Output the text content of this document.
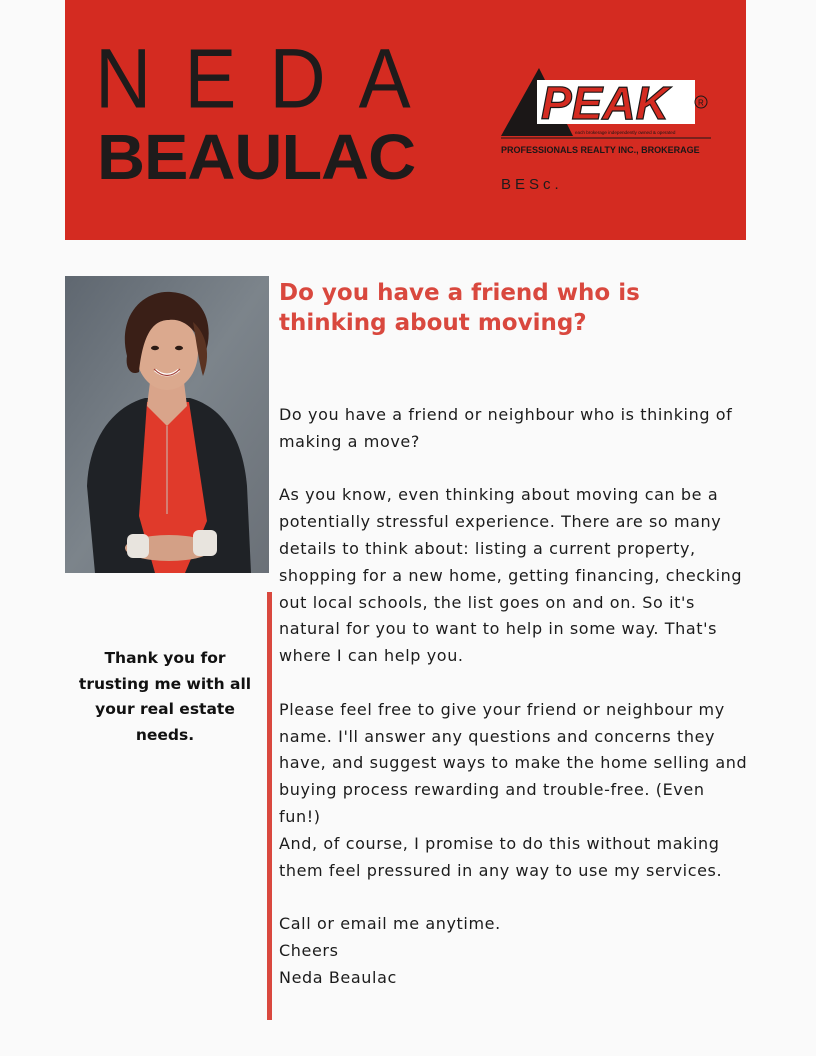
NEDA
BEAULAC
PEAK	R
each brokerage independently owned & operated
PROFESSIONALS REALTY INC., BROKERAGE
BESc.
Do you have a friend who is thinking about moving?

Do you have a friend or neighbour who is thinking of making a move?

As you know, even thinking about moving can be a potentially stressful experience. There are so many details to think about: listing a current property, shopping for a new home, getting financing, checking out local schools, the list goes on and on. So it's natural for you to want to help in some way. That's where I can help you.

Please feel free to give your friend or neighbour my name. I'll answer any questions and concerns they have, and suggest ways to make the home selling and buying process rewarding and trouble-free. (Even fun!)

And, of course, I promise to do this without making them feel pressured in any way to use my services.

Call or email me anytime.
Cheers
Neda Beaulac

Thank you for trusting me with all your real estate needs.
